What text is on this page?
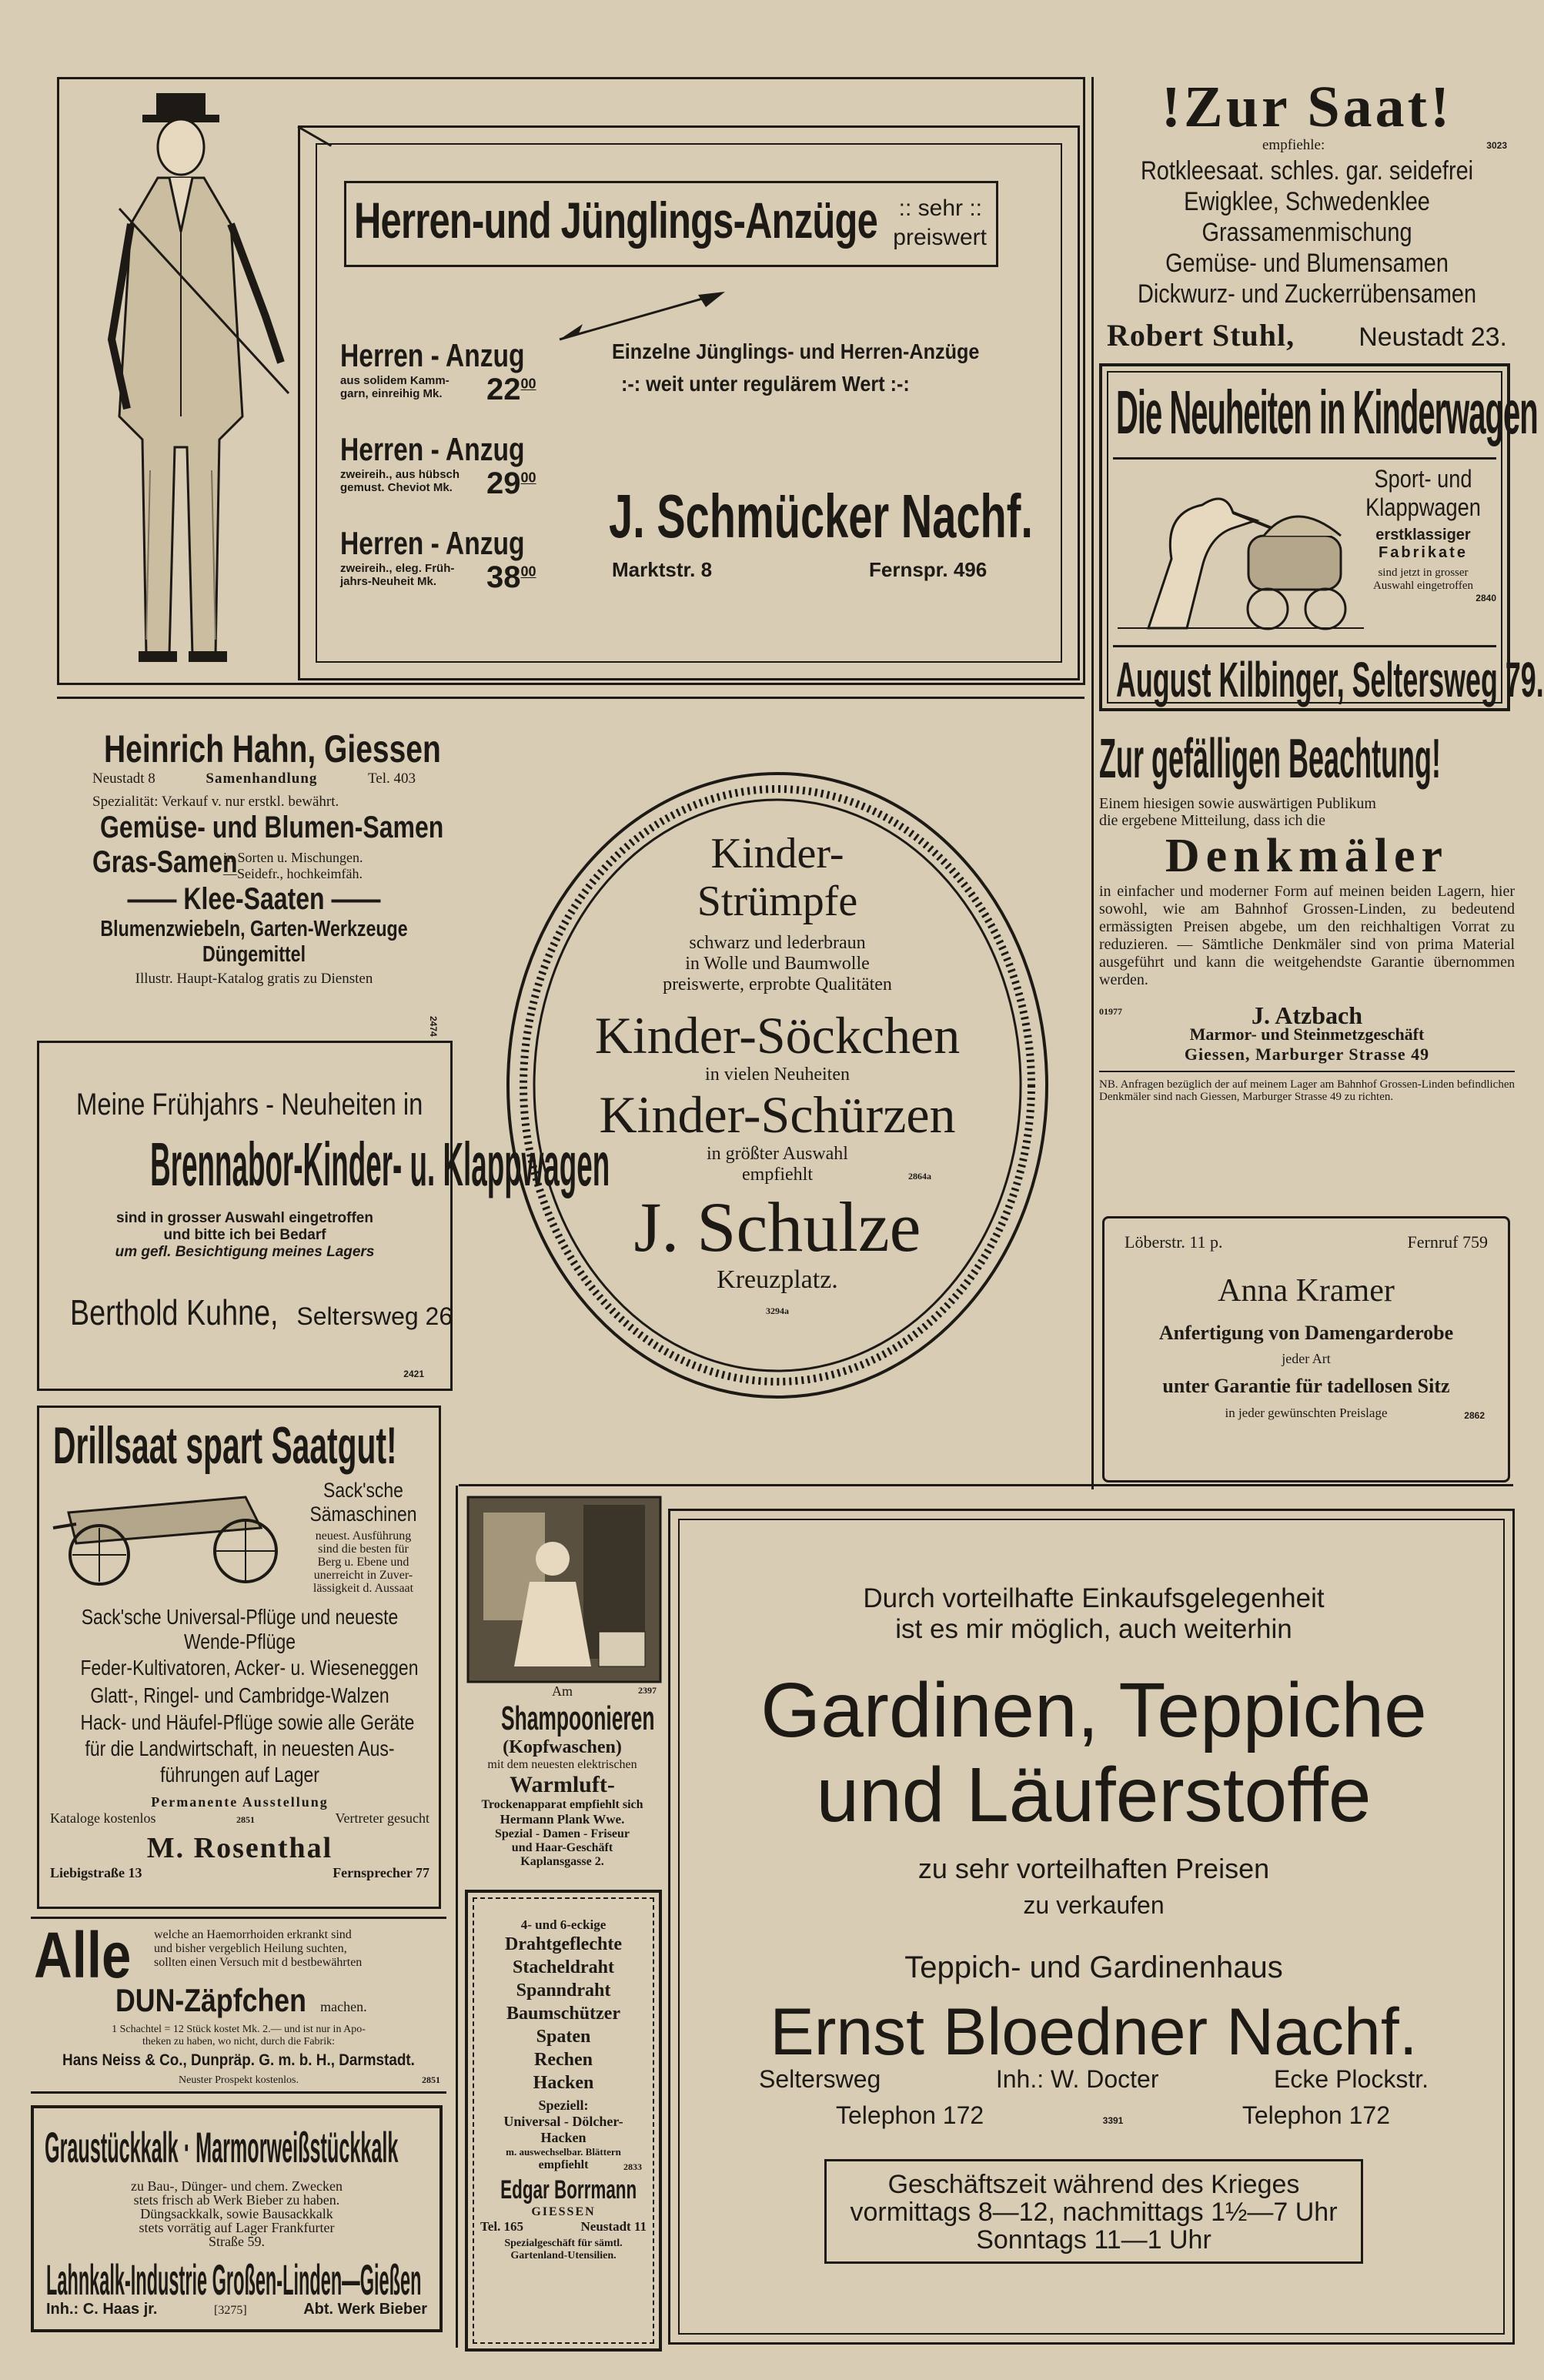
Herren-und Jünglings-Anzüge :: sehr ::
preiswert
Herren - Anzug
aus solidem Kamm-
garn, einreihig Mk.	$22^{00}$
Herren - Anzug
zweireih., aus hübsch
gemust. Cheviot Mk.	$29^{00}$
Herren - Anzug
zweireih., eleg. Früh-
jahrs-Neuheit Mk.	$38^{00}$
Einzelne Jünglings- und Herren-Anzüge
:-: weit unter regulärem Wert :-:
J. Schmücker Nachf.
Marktstr. 8	Fernspr. 496
!Zur Saat!
empfiehle:	3023
Rotkleesaat. schles. gar. seidefrei
Ewigklee, Schwedenklee
Grassamenmischung
Gemüse- und Blumensamen
Dickwurz- und Zuckerrübensamen
Robert Stuhl, Neustadt 23.
Die Neuheiten in Kinderwagen
Sport- und
Klappwagen
erstklassiger
Fabrikate
sind jetzt in grosser
Auswahl eingetroffen
2840
August Kilbinger, Seltersweg 79.
Heinrich Hahn, Giessen
Neustadt 8	Samenhandlung	Tel. 403
Spezialität: Verkauf v. nur erstkl. bewährt.
Gemüse- und Blumen-Samen
Gras-Samen
in Sorten u. Mischungen.
—Seidefr., hochkeimfäh.
—— Klee-Saaten ——
Blumenzwiebeln, Garten-Werkzeuge
Düngemittel
Illustr. Haupt-Katalog gratis zu Diensten
2474
Meine Frühjahrs - Neuheiten in
Brennabor-Kinder- u. Klappwagen
sind in grosser Auswahl eingetroffen
und bitte ich bei Bedarf
um gefl. Besichtigung meines Lagers
Berthold Kuhne, Seltersweg 26
2421
Kinder-
Strümpfe
schwarz und lederbraun
in Wolle und Baumwolle
preiswerte, erprobte Qualitäten
Kinder-Söckchen
in vielen Neuheiten
Kinder-Schürzen
in größter Auswahl
empfiehlt	2864a
J. Schulze
Kreuzplatz.
3294a
Zur gefälligen Beachtung!
Einem hiesigen sowie auswärtigen Publikum
die ergebene Mitteilung, dass ich die
Denkmäler
in einfacher und moderner Form auf meinen beiden Lagern, hier sowohl, wie am Bahnhof Grossen-Linden, zu bedeutend ermässigten Preisen abgebe, um den reichhaltigen Vorrat zu reduzieren. — Sämtliche Denkmäler sind von prima Material ausgeführt und kann die weitgehendste Garantie übernommen werden.
01977	J. Atzbach
Marmor- und Steinmetzgeschäft
Giessen, Marburger Strasse 49
NB. Anfragen bezüglich der auf meinem Lager am Bahnhof Grossen-Linden befindlichen Denkmäler sind nach Giessen, Marburger Strasse 49 zu richten.
Löberstr. 11 p.	Fernruf 759
Anna Kramer
Anfertigung von Damengarderobe
jeder Art
unter Garantie für tadellosen Sitz
in jeder gewünschten Preislage	2862
Drillsaat spart Saatgut!
Sack'sche
Sämaschinen
neuest. Ausführung
sind die besten für
Berg u. Ebene und
unerreicht in Zuver-
lässigkeit d. Aussaat
Sack'sche Universal-Pflüge und neueste
Wende-Pflüge
Feder-Kultivatoren, Acker- u. Wieseneggen
Glatt-, Ringel- und Cambridge-Walzen
Hack- und Häufel-Pflüge sowie alle Geräte
für die Landwirtschaft, in neuesten Aus-
führungen auf Lager
Permanente Ausstellung
Kataloge kostenlos	2851	Vertreter gesucht
M. Rosenthal
Liebigstraße 13	Fernsprecher 77
Am	2397
Shampoonieren
(Kopfwaschen)
mit dem neuesten elektrischen
Warmluft-
Trockenapparat empfiehlt sich
Hermann Plank Wwe.
Spezial - Damen - Friseur
und Haar-Geschäft
Kaplansgasse 2.
Durch vorteilhafte Einkaufsgelegenheit
ist es mir möglich, auch weiterhin
Gardinen, Teppiche
und Läuferstoffe
zu sehr vorteilhaften Preisen
zu verkaufen
Teppich- und Gardinenhaus
Ernst Bloedner Nachf.
Seltersweg	Inh.: W. Docter	Ecke Plockstr.
Telephon 172	3391	Telephon 172
Geschäftszeit während des Krieges
vormittags 8—12, nachmittags 1½—7 Uhr
Sonntags 11—1 Uhr
Alle welche an Haemorrhoiden erkrankt sind
und bisher vergeblich Heilung suchten,
sollten einen Versuch mit d bestbewährten
DUN-Zäpfchen machen.
1 Schachtel = 12 Stück kostet Mk. 2.— und ist nur in Apo-
theken zu haben, wo nicht, durch die Fabrik:
Hans Neiss & Co., Dunpräp. G. m. b. H., Darmstadt.
Neuster Prospekt kostenlos.	2851
4- und 6-eckige
Drahtgeflechte
Stacheldraht
Spanndraht
Baumschützer
Spaten
Rechen
Hacken
Speziell:
Universal - Dölcher-
Hacken
m. auswechselbar. Blättern
empfiehlt	2833
Edgar Borrmann
GIESSEN
Tel. 165	Neustadt 11
Spezialgeschäft für sämtl.
Gartenland-Utensilien.
Graustückkalk · Marmorweißstückkalk
zu Bau-, Dünger- und chem. Zwecken
stets frisch ab Werk Bieber zu haben.
Düngsackkalk, sowie Bausackkalk
stets vorrätig auf Lager Frankfurter
Straße 59.
Lahnkalk-Industrie Großen-Linden—Gießen
Inh.: C. Haas jr.	[3275]	Abt. Werk Bieber
